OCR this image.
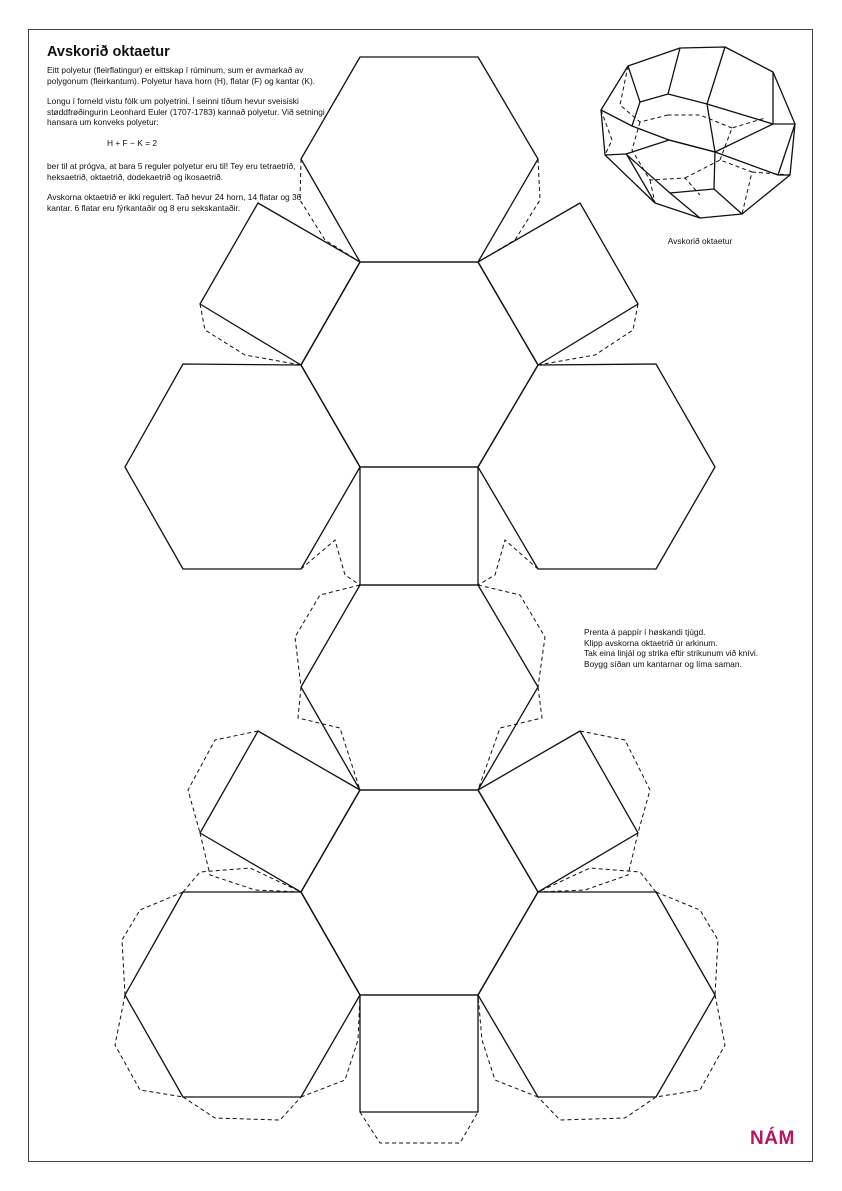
Avskorið oktaetur

Eitt polyetur (fleirflatingur) er eittskap í rúminum, sum er avmarkað av polygonum (fleirkantum). Polyetur hava horn (H), flatar (F) og kantar (K).

Longu í forneld vistu fólk um polyetrini. Í seinni tíðum hevur sveisiski støddfrøðingurin Leonhard Euler (1707-1783) kannað polyetur. Við setningi hansara um konveks polyetur:

H + F − K = 2

ber til at prógva, at bara 5 reguler polyetur eru til! Tey eru tetraetrið, heksaetrið, oktaetrið, dodekaetrið og ikosaetrið.

Avskorna oktaetrið er ikki regulert. Tað hevur 24 horn, 14 flatar og 36 kantar. 6 flatar eru fýrkantaðir og 8 eru sekskantaðir.

Avskorið oktaetur
Prenta á pappír í høskandi tjúgd.
Klipp avskorna oktaetrið úr arkinum.
Tak eina linjál og strika eftir strikunum við knívi.
Boygg síðan um kantarnar og líma saman.
NÁM
